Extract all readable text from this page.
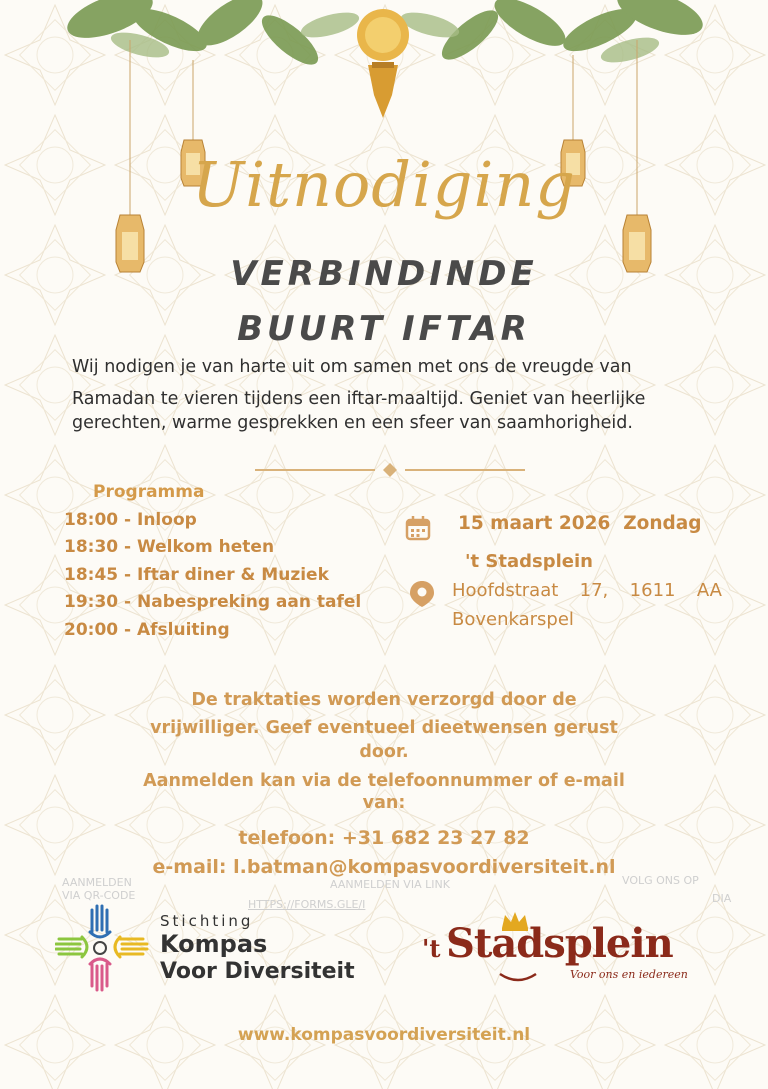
Uitnodiging
VERBINDINDE
BUURT IFTAR
Wij nodigen je van harte uit om samen met ons de vreugde van
Ramadan te vieren tijdens een iftar-maaltijd. Geniet van heerlijke
gerechten, warme gesprekken en een sfeer van saamhorigheid.
Programma
18:00 - Inloop
18:30 - Welkom heten
18:45 - Iftar diner & Muziek
19:30 - Nabespreking aan tafel
20:00 - Afsluiting
15 maart 2026  Zondag
't Stadsplein
Hoofdstraat 17, 1611 AA
Bovenkarspel
De traktaties worden verzorgd door de
vrijwilliger. Geef eventueel dieetwensen gerust
door.
Aanmelden kan via de telefoonnummer of e-mail
van:
telefoon: +31 682 23 27 82
e-mail: l.batman@kompasvoordiversiteit.nl
AANMELDEN
VIA QR-CODE
AANMELDEN VIA LINK
HTTPS://FORMS.GLE/I
VOLG ONS OP
DIA
Stichting
Kompas
Voor Diversiteit
't Stadsplein
Voor ons en iedereen
www.kompasvoordiversiteit.nl
